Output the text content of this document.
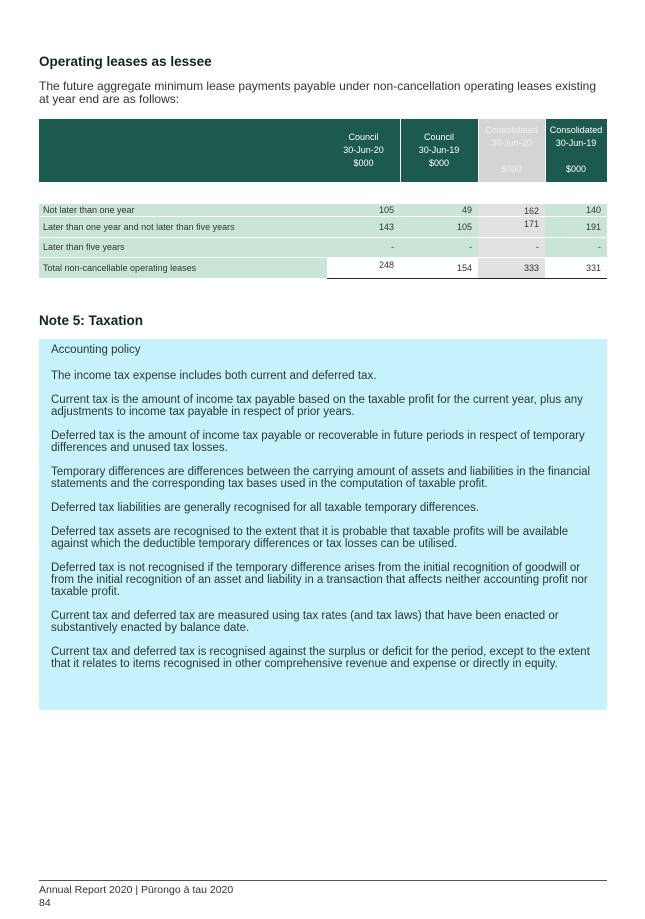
Operating leases as lessee

The future aggregate minimum lease payments payable under non-cancellation operating leases existing at year end are as follows:

	Council
30-Jun-20
$000	Council
30-Jun-19
$000	Consolidated
30-Jun-20
$000	Consolidated
30-Jun-19
$000

Not later than one year	105	49	162	140
Later than one year and not later than five years	143	105	171	191
Later than five years	-	-	-	-
Total non-cancellable operating leases	248	154	333	331
Note 5: Taxation

Accounting policy

The income tax expense includes both current and deferred tax.

Current tax is the amount of income tax payable based on the taxable profit for the current year, plus any adjustments to income tax payable in respect of prior years.

Deferred tax is the amount of income tax payable or recoverable in future periods in respect of temporary differences and unused tax losses.

Temporary differences are differences between the carrying amount of assets and liabilities in the financial statements and the corresponding tax bases used in the computation of taxable profit.

Deferred tax liabilities are generally recognised for all taxable temporary differences.

Deferred tax assets are recognised to the extent that it is probable that taxable profits will be available against which the deductible temporary differences or tax losses can be utilised.

Deferred tax is not recognised if the temporary difference arises from the initial recognition of goodwill or from the initial recognition of an asset and liability in a transaction that affects neither accounting profit nor taxable profit.

Current tax and deferred tax are measured using tax rates (and tax laws) that have been enacted or substantively enacted by balance date.

Current tax and deferred tax is recognised against the surplus or deficit for the period, except to the extent that it relates to items recognised in other comprehensive revenue and expense or directly in equity.

Annual Report 2020 | Pūrongo ā tau 2020
84
